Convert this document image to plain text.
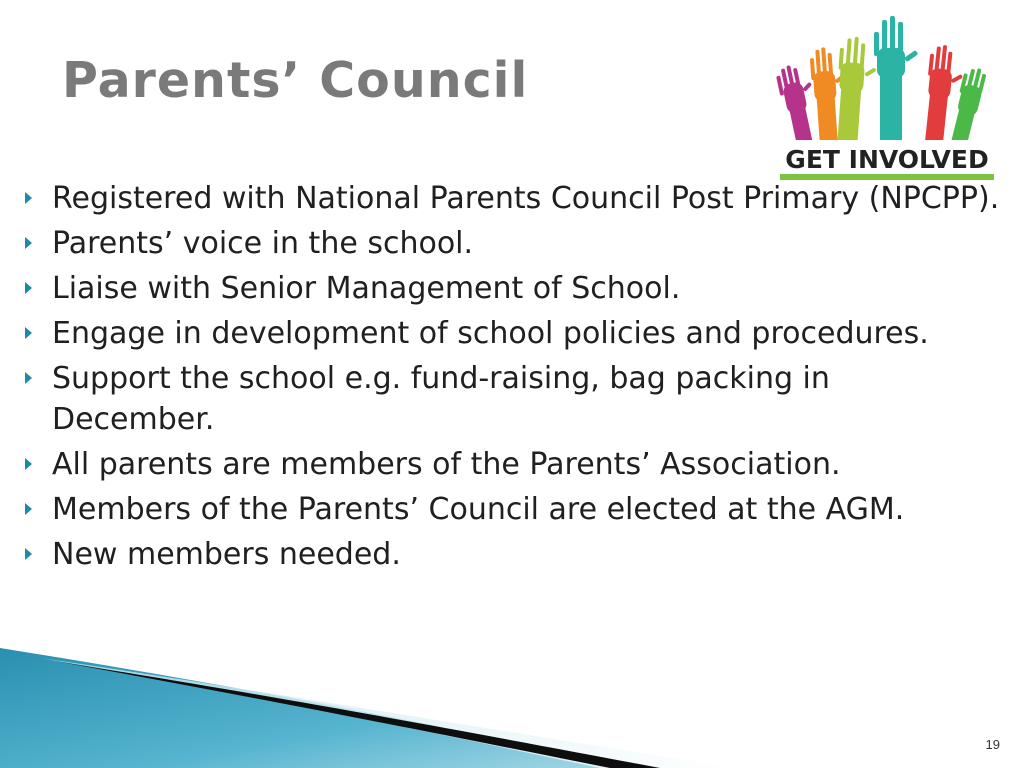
Parents’ Council
GET INVOLVED
Registered with National Parents Council Post Primary (NPCPP).
Parents’ voice in the school.
Liaise with Senior Management of School.
Engage in development of school policies and procedures.
Support the school e.g. fund-raising, bag packing in December.
All parents are members of the Parents’ Association.
Members of the Parents’ Council are elected at the AGM.
New members needed.
19
